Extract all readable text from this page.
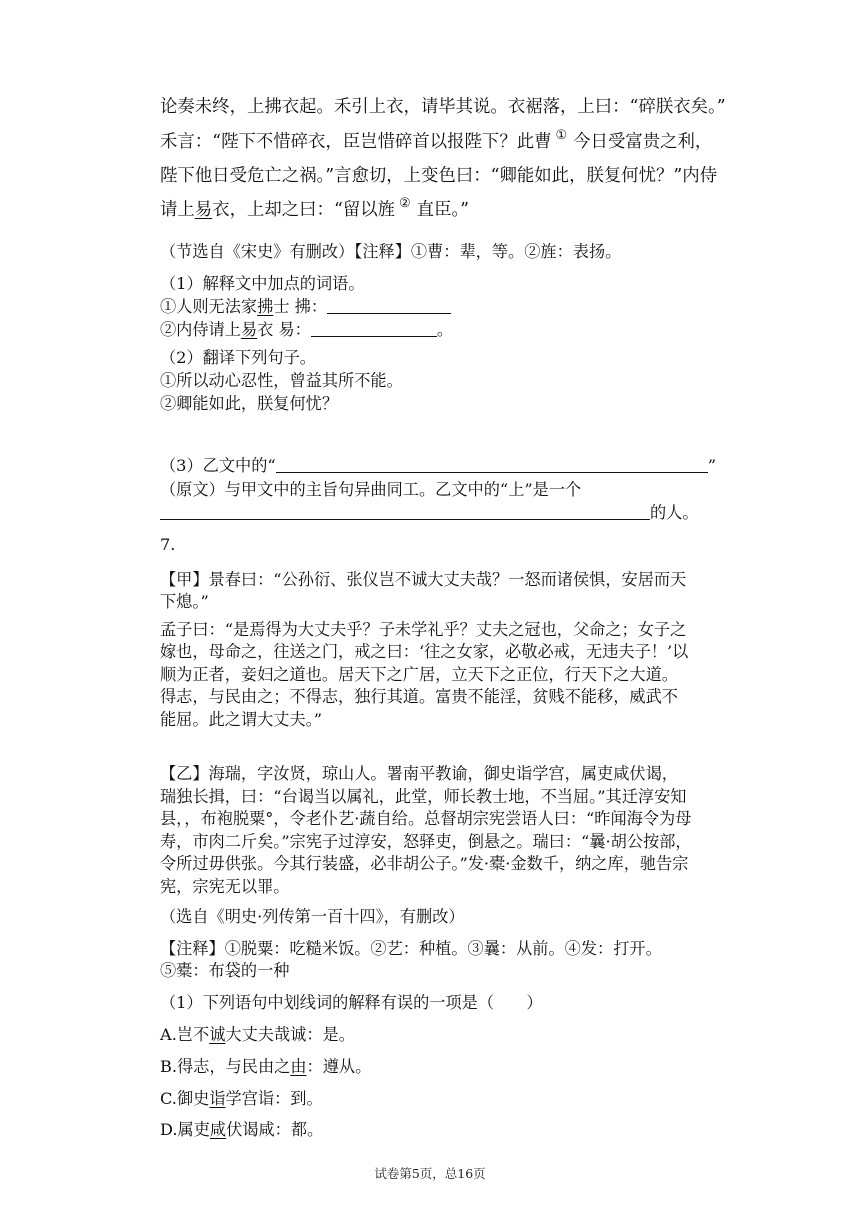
论奏未终，上拂衣起。禾引上衣，请毕其说。衣裾落，上曰：“碎朕衣矣。”
禾言：“陛下不惜碎衣，臣岂惜碎首以报陛下？此曹 ① 今日受富贵之利，
陛下他日受危亡之祸。”言愈切，上变色曰：“卿能如此，朕复何忧？”内侍
请上易衣，上却之曰：“留以旌 ② 直臣。”
（节选自《宋史》有删改）【注释】①曹：辈，等。②旌：表扬。
（1）解释文中加点的词语。
①人则无法家拂士 拂：
②内侍请上易衣 易：	。
（2）翻译下列句子。
①所以动心忍性，曾益其所不能。
②卿能如此，朕复何忧？
（3）乙文中的“	”
（原文）与甲文中的主旨句异曲同工。乙文中的“上”是一个
的人。
7.
【甲】景春曰：“公孙衍、张仪岂不诚大丈夫哉？一怒而诸侯惧，安居而天
下熄。”
孟子曰：“是焉得为大丈夫乎？子未学礼乎？丈夫之冠也，父命之；女子之
嫁也，母命之，往送之门，戒之曰：‘往之女家，必敬必戒，无违夫子！’以
顺为正者，妾妇之道也。居天下之广居，立天下之正位，行天下之大道。
得志，与民由之；不得志，独行其道。富贵不能淫，贫贱不能移，威武不
能屈。此之谓大丈夫。”
【乙】海瑞，字汝贤，琼山人。署南平教谕，御史诣学宫，属吏咸伏谒，
瑞独长揖，曰：“台谒当以属礼，此堂，师长教士地，不当屈。”其迁淳安知
县，，布袍脱粟°，令老仆艺·蔬自给。总督胡宗宪尝语人曰：“昨闻海令为母
寿，市肉二斤矣。”宗宪子过淳安，怒驿吏，倒悬之。瑞曰：“曩·胡公按部，
令所过毋供张。今其行装盛，必非胡公子。”发·橐·金数千，纳之库，驰告宗
宪，宗宪无以罪。
（选自《明史·列传第一百十四》，有删改）
【注释】①脱粟：吃糙米饭。②艺：种植。③曩：从前。④发：打开。
⑤橐：布袋的一种
（1）下列语句中划线词的解释有误的一项是（　　）
A.岂不诚大丈夫哉诚：是。
B.得志，与民由之由：遵从。
C.御史诣学宫诣：到。
D.属吏咸伏谒咸：都。
试卷第5页，总16页
